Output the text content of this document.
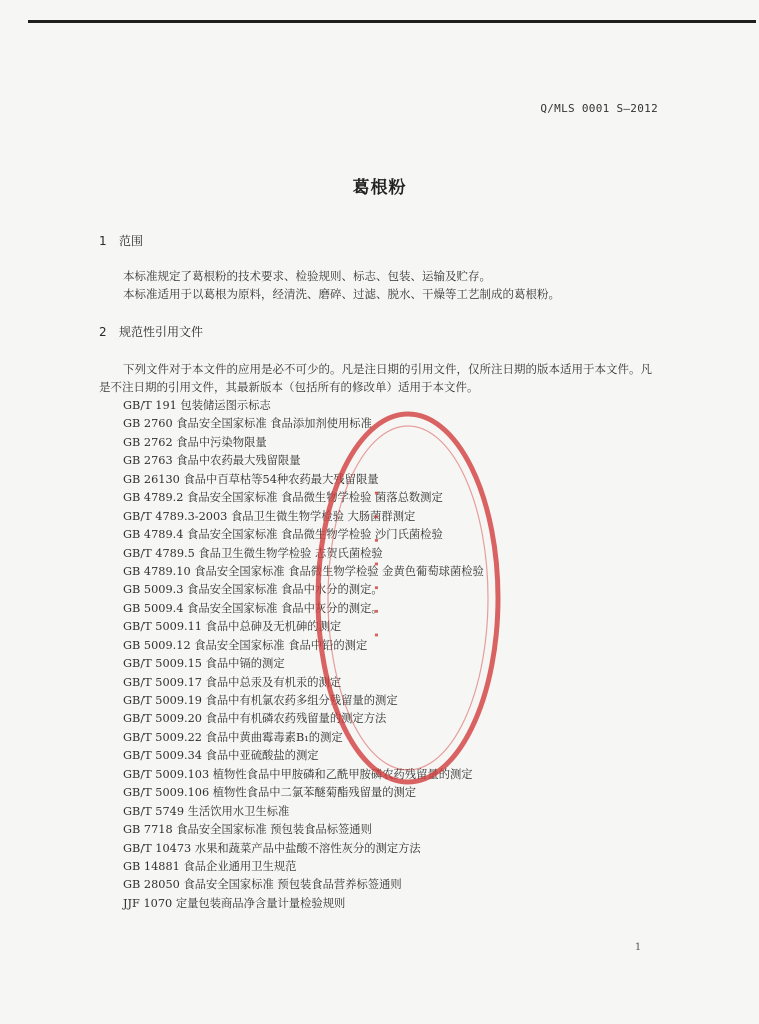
Q/MLS 0001 S—2012
葛根粉
1 范围
本标准规定了葛根粉的技术要求、检验规则、标志、包装、运输及贮存。
本标准适用于以葛根为原料，经清洗、磨碎、过滤、脱水、干燥等工艺制成的葛根粉。
2 规范性引用文件
下列文件对于本文件的应用是必不可少的。凡是注日期的引用文件，仅所注日期的版本适用于本文件。凡是不注日期的引用文件，其最新版本（包括所有的修改单）适用于本文件。
GB/T 191 包装储运图示标志
GB 2760 食品安全国家标准 食品添加剂使用标准
GB 2762 食品中污染物限量
GB 2763 食品中农药最大残留限量
GB 26130 食品中百草枯等54种农药最大残留限量
GB 4789.2 食品安全国家标准 食品微生物学检验 菌落总数测定
GB/T 4789.3-2003 食品卫生微生物学检验 大肠菌群测定
GB 4789.4 食品安全国家标准 食品微生物学检验 沙门氏菌检验
GB/T 4789.5 食品卫生微生物学检验 志贺氏菌检验
GB 4789.10 食品安全国家标准 食品微生物学检验 金黄色葡萄球菌检验
GB 5009.3 食品安全国家标准 食品中水分的测定。
GB 5009.4 食品安全国家标准 食品中灰分的测定。
GB/T 5009.11 食品中总砷及无机砷的测定
GB 5009.12 食品安全国家标准 食品中铅的测定
GB/T 5009.15 食品中镉的测定
GB/T 5009.17 食品中总汞及有机汞的测定
GB/T 5009.19 食品中有机氯农药多组分残留量的测定
GB/T 5009.20 食品中有机磷农药残留量的测定方法
GB/T 5009.22 食品中黄曲霉毒素B₁的测定
GB/T 5009.34 食品中亚硫酸盐的测定
GB/T 5009.103 植物性食品中甲胺磷和乙酰甲胺磷农药残留量的测定
GB/T 5009.106 植物性食品中二氯苯醚菊酯残留量的测定
GB/T 5749 生活饮用水卫生标准
GB 7718 食品安全国家标准 预包装食品标签通则
GB/T 10473 水果和蔬菜产品中盐酸不溶性灰分的测定方法
GB 14881 食品企业通用卫生规范
GB 28050 食品安全国家标准 预包装食品营养标签通则
JJF 1070 定量包装商品净含量计量检验规则
· · · · · · ·
1
